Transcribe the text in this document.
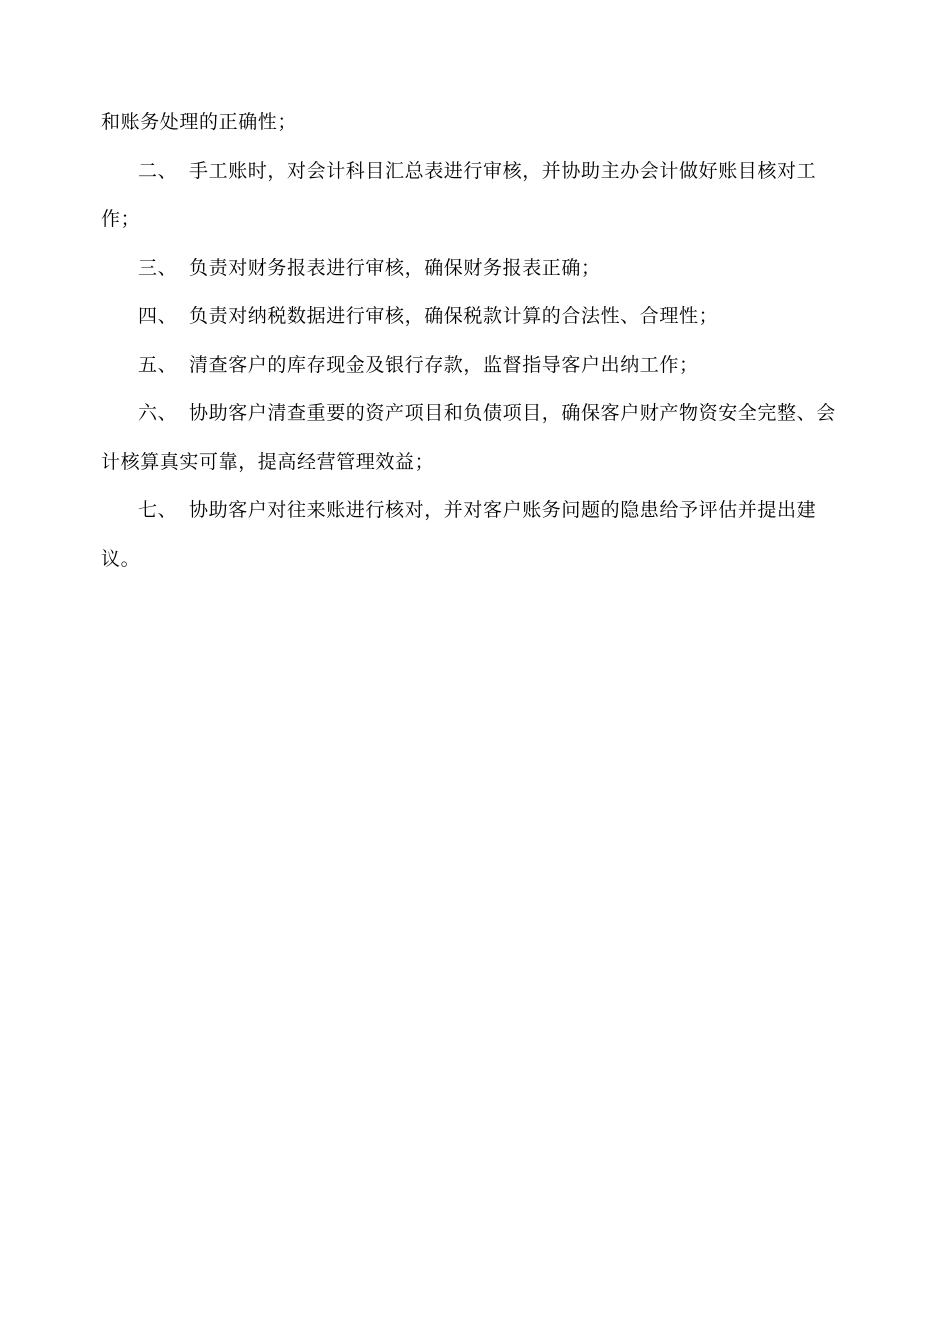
和账务处理的正确性；

二、 手工账时，对会计科目汇总表进行审核，并协助主办会计做好账目核对工作；

三、 负责对财务报表进行审核，确保财务报表正确；

四、 负责对纳税数据进行审核，确保税款计算的合法性、合理性；

五、 清查客户的库存现金及银行存款，监督指导客户出纳工作；

六、 协助客户清查重要的资产项目和负债项目，确保客户财产物资安全完整、会计核算真实可靠，提高经营管理效益；

七、 协助客户对往来账进行核对，并对客户账务问题的隐患给予评估并提出建议。
